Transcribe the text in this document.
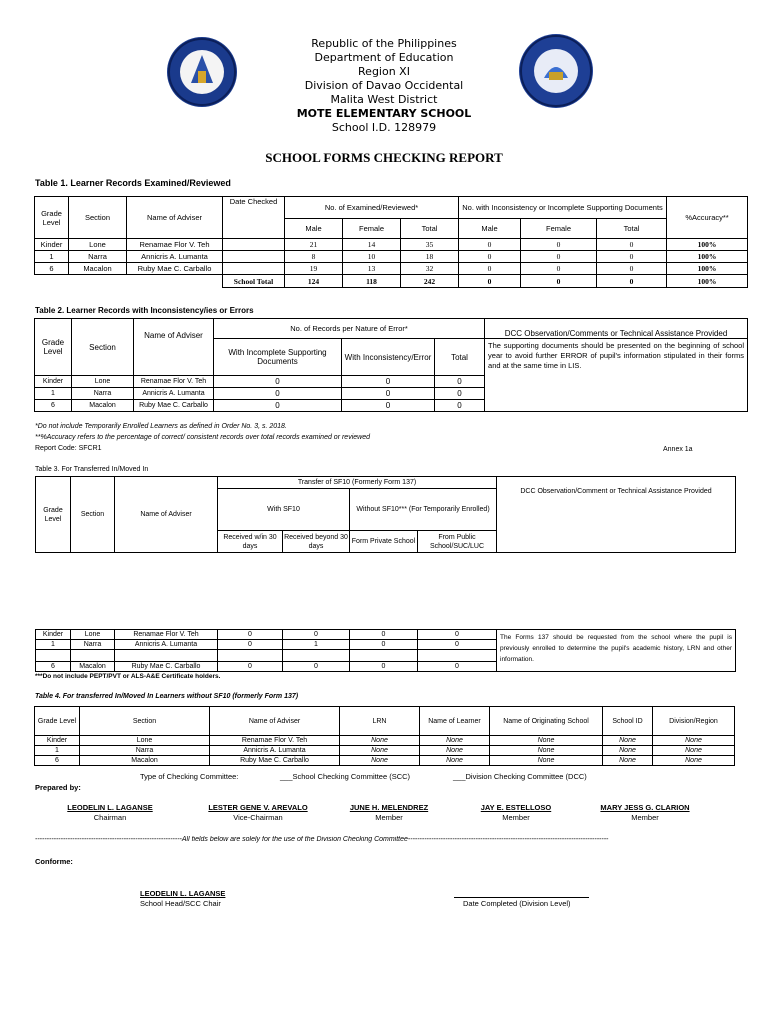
Republic of the Philippines
Department of Education
Region XI
Division of Davao Occidental
Malita West District
MOTE ELEMENTARY SCHOOL
School I.D. 128979
SCHOOL FORMS CHECKING REPORT
Table 1. Learner Records Examined/Reviewed
Grade Level	Section	Name of Adviser	Date Checked	No. of Examined/Reviewed*			No. with Inconsistency or Incomplete Supporting Documents			%Accuracy**
				Male	Female	Total	Male	Female	Total	
Kinder	Lone	Renamae Flor V. Teh		21	14	35	0	0	0	100%
1	Narra	Annicris A. Lumanta		8	10	18	0	0	0	100%
6	Macalon	Ruby Mae C. Carballo		19	13	32	0	0	0	100%
			School Total	124	118	242	0	0	0	100%
Table 2. Learner Records with Inconsistency/ies or Errors
Grade Level	Section	Name of Adviser	No. of Records per Nature of Error*			DCC Observation/Comments or Technical Assistance Provided
			With Incomplete Supporting Documents	With Inconsistency/Error	Total	The supporting documents should be presented on the beginning of school year to avoid further ERROR of pupil's information stipulated in their forms and at the same time in LIS.
Kinder	Lone	Renamae Flor V. Teh	0	0	0	
1	Narra	Annicris A. Lumanta	0	0	0	
6	Macalon	Ruby Mae C. Carballo	0	0	0	
*Do not include Temporarily Enrolled Learners as defined in Order No. 3, s. 2018.
**%Accuracy refers to the percentage of correct/ consistent records over total records examined or reviewed
Report Code: SFCR1	Annex 1a
Table 3. For Transferred In/Moved In
Grade Level	Section	Name of Adviser	Transfer of SF10 (Formerly Form 137)				DCC Observation/Comment or Technical Assistance Provided
			With SF10		Without SF10*** (For Temporarily Enrolled)		
			Received w/in 30 days	Received beyond 30 days	Form Private School	From Public School/SUC/LUC	
Kinder	Lone	Renamae Flor V. Teh	0	0	0	0	The Forms 137 should be requested from the school where the pupil is previously enrolled to determine the pupil's academic history, LRN and other information.
1	Narra	Annicris A. Lumanta	0	1	0	0	

6	Macalon	Ruby Mae C. Carballo	0	0	0	0	
***Do not include PEPT/PVT or ALS-A&E Certificate holders.
Table 4. For transferred In/Moved In Learners without SF10 (formerly Form 137)
Grade Level	Section	Name of Adviser	LRN	Name of Learner	Name of Originating School	School ID	Division/Region
Kinder	Lone	Renamae Flor V. Teh	None	None	None	None	None
1	Narra	Annicris A. Lumanta	None	None	None	None	None
6	Macalon	Ruby Mae C. Carballo	None	None	None	None	None
Type of Checking Committee:	___School Checking Committee (SCC)	___Division Checking Committee (DCC)
Prepared by:
LEODELIN L. LAGANSE
Chairman
LESTER GENE V. AREVALO
Vice-Chairman
JUNE H. MELENDREZ
Member
JAY E. ESTELLOSO
Member
MARY JESS G. CLARION
Member
---------------------------------------------------------------All fields below are solely for the use of the Division Checking Committee--------------------------------------------------------------------------------------
Conforme:
LEODELIN L. LAGANSE
School Head/SCC Chair	Date Completed (Division Level)
